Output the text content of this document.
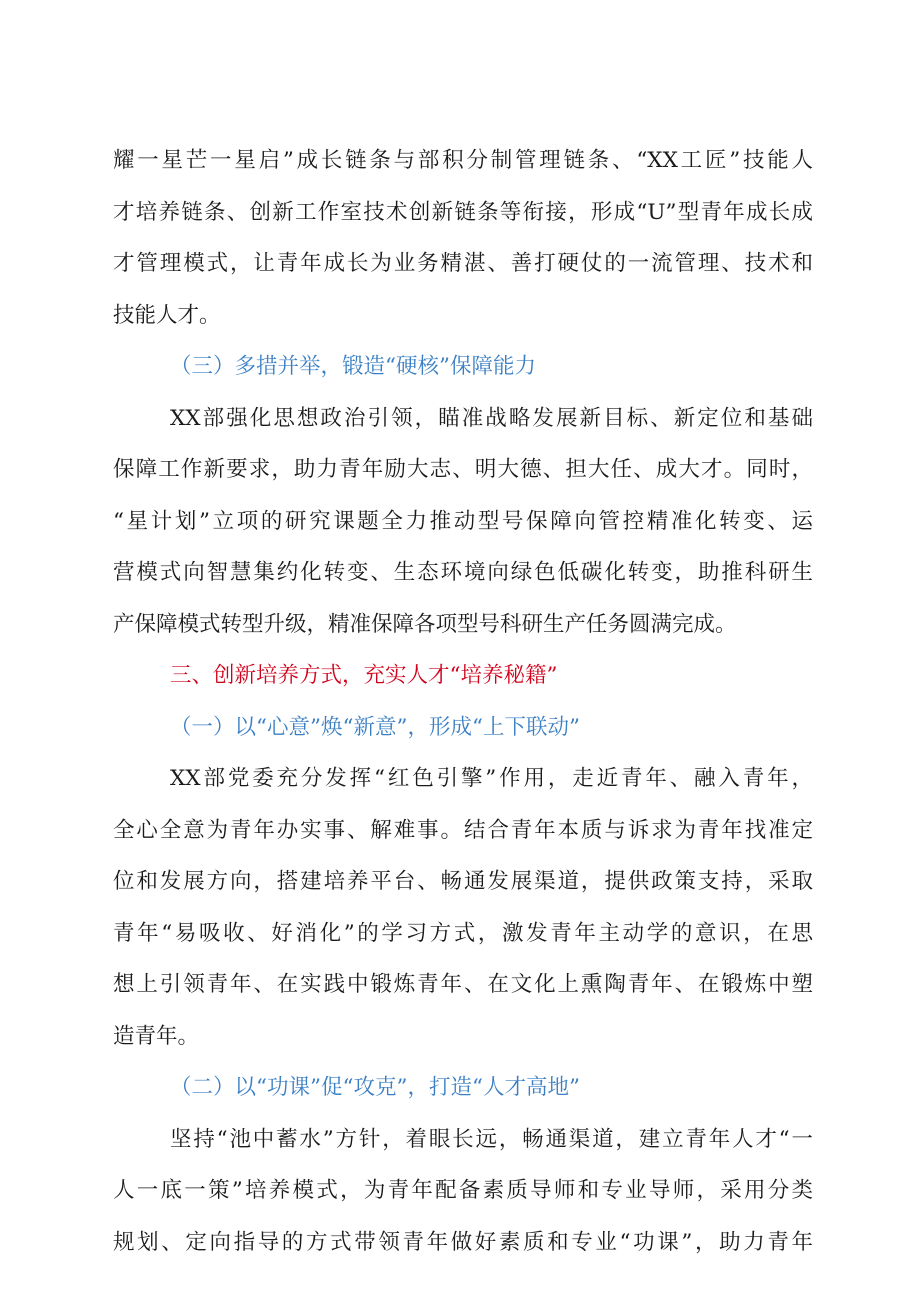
耀一星芒一星启”成长链条与部积分制管理链条、“XX工匠”技能人
才培养链条、创新工作室技术创新链条等衔接，形成“U”型青年成长成
才管理模式，让青年成长为业务精湛、善打硬仗的一流管理、技术和
技能人才。
（三）多措并举，锻造“硬核”保障能力
XX部强化思想政治引领，瞄准战略发展新目标、新定位和基础
保障工作新要求，助力青年励大志、明大德、担大任、成大才。同时，
“星计划”立项的研究课题全力推动型号保障向管控精准化转变、运
营模式向智慧集约化转变、生态环境向绿色低碳化转变，助推科研生
产保障模式转型升级，精准保障各项型号科研生产任务圆满完成。
三、创新培养方式，充实人才“培养秘籍”
（一）以“心意”焕“新意”，形成“上下联动”
XX部党委充分发挥“红色引擎”作用，走近青年、融入青年，
全心全意为青年办实事、解难事。结合青年本质与诉求为青年找准定
位和发展方向，搭建培养平台、畅通发展渠道，提供政策支持，采取
青年“易吸收、好消化”的学习方式，激发青年主动学的意识，在思
想上引领青年、在实践中锻炼青年、在文化上熏陶青年、在锻炼中塑
造青年。
（二）以“功课”促“攻克”，打造“人才高地”
坚持“池中蓄水”方针，着眼长远，畅通渠道，建立青年人才“一
人一底一策”培养模式，为青年配备素质导师和专业导师，采用分类
规划、定向指导的方式带领青年做好素质和专业“功课”，助力青年
